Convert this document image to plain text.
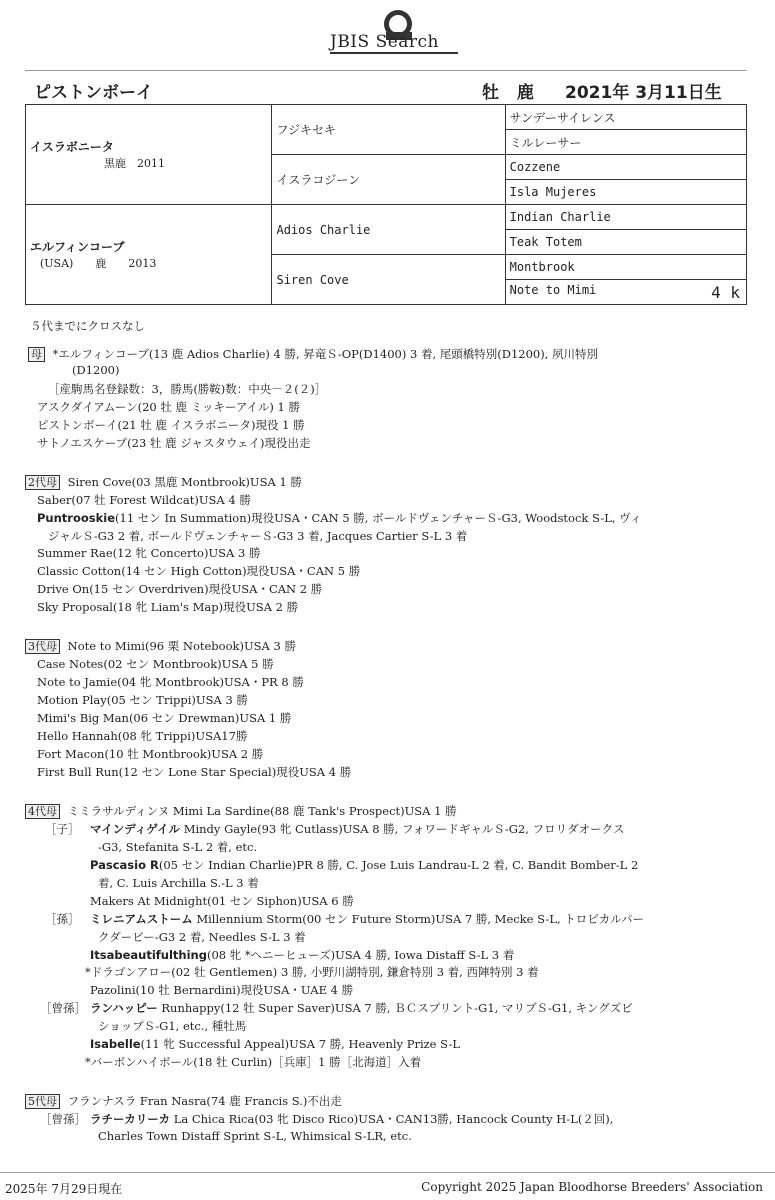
JBIS Search
ピストンボーイ	牡 鹿 2021年 3月11日生
イスラボニータ
黒鹿　2011	フジキセキ	サンデーサイレンス
		ミルレーサー
	イスラコジーン	Cozzene
		Isla Mujeres

エルフィンコーブ
(USA)　　鹿　　2013	Adios Charlie	Indian Charlie
		Teak Totem
	Siren Cove	Montbrook
		Note to Mimi 4 k
５代までにクロスなし
母 *エルフィンコーブ(13 鹿 Adios Charlie) 4 勝, 昇竜Ｓ-OP(D1400) 3 着, 尾頭橋特別(D1200), 夙川特別
(D1200)
［産駒馬名登録数：3，勝馬(勝鞍)数：中央－２(２)］
アスクダイアムーン(20 牡 鹿 ミッキーアイル) 1 勝
ピストンボーイ(21 牡 鹿 イスラボニータ)現役 1 勝
サトノエスケープ(23 牡 鹿 ジャスタウェイ)現役出走
2代母 Siren Cove(03 黒鹿 Montbrook)USA 1 勝
Saber(07 牡 Forest Wildcat)USA 4 勝
Puntrooskie(11 セン In Summation)現役USA・CAN 5 勝, ボールドヴェンチャーＳ-G3, Woodstock S-L, ヴィ
ジャルＳ-G3 2 着, ボールドヴェンチャーＳ-G3 3 着, Jacques Cartier S-L 3 着
Summer Rae(12 牝 Concerto)USA 3 勝
Classic Cotton(14 セン High Cotton)現役USA・CAN 5 勝
Drive On(15 セン Overdriven)現役USA・CAN 2 勝
Sky Proposal(18 牝 Liam's Map)現役USA 2 勝
3代母 Note to Mimi(96 栗 Notebook)USA 3 勝
Case Notes(02 セン Montbrook)USA 5 勝
Note to Jamie(04 牝 Montbrook)USA・PR 8 勝
Motion Play(05 セン Trippi)USA 3 勝
Mimi's Big Man(06 セン Drewman)USA 1 勝
Hello Hannah(08 牝 Trippi)USA17勝
Fort Macon(10 牡 Montbrook)USA 2 勝
First Bull Run(12 セン Lone Star Special)現役USA 4 勝
4代母 ミミラサルディンヌ Mimi La Sardine(88 鹿 Tank's Prospect)USA 1 勝
［子］ マインディゲイル Mindy Gayle(93 牝 Cutlass)USA 8 勝, フォワードギャルＳ-G2, フロリダオークス
-G3, Stefanita S-L 2 着, etc.
Pascasio R(05 セン Indian Charlie)PR 8 勝, C. Jose Luis Landrau-L 2 着, C. Bandit Bomber-L 2
着, C. Luis Archilla S.-L 3 着
Makers At Midnight(01 セン Siphon)USA 6 勝
［孫］ ミレニアムストーム Millennium Storm(00 セン Future Storm)USA 7 勝, Mecke S-L, トロピカルパー
クダービー-G3 2 着, Needles S-L 3 着
Itsabeautifulthing(08 牝 *ヘニーヒューズ)USA 4 勝, Iowa Distaff S-L 3 着
*ドラゴンアロー(02 牡 Gentlemen) 3 勝, 小野川湖特別, 鎌倉特別 3 着, 西陣特別 3 着
Pazolini(10 牡 Bernardini)現役USA・UAE 4 勝
［曾孫］ ランハッピー Runhappy(12 牡 Super Saver)USA 7 勝, ＢＣスプリント-G1, マリブＳ-G1, キングズビ
ショップＳ-G1, etc., 種牡馬
Isabelle(11 牝 Successful Appeal)USA 7 勝, Heavenly Prize S-L
*バーボンハイボール(18 牡 Curlin)［兵庫］1 勝［北海道］入着
5代母 フランナスラ Fran Nasra(74 鹿 Francis S.)不出走
［曾孫］ ラチーカリーカ La Chica Rica(03 牝 Disco Rico)USA・CAN13勝, Hancock County H-L(２回),
Charles Town Distaff Sprint S-L, Whimsical S-LR, etc.
2025年 7月29日現在	Copyright 2025 Japan Bloodhorse Breeders' Association
